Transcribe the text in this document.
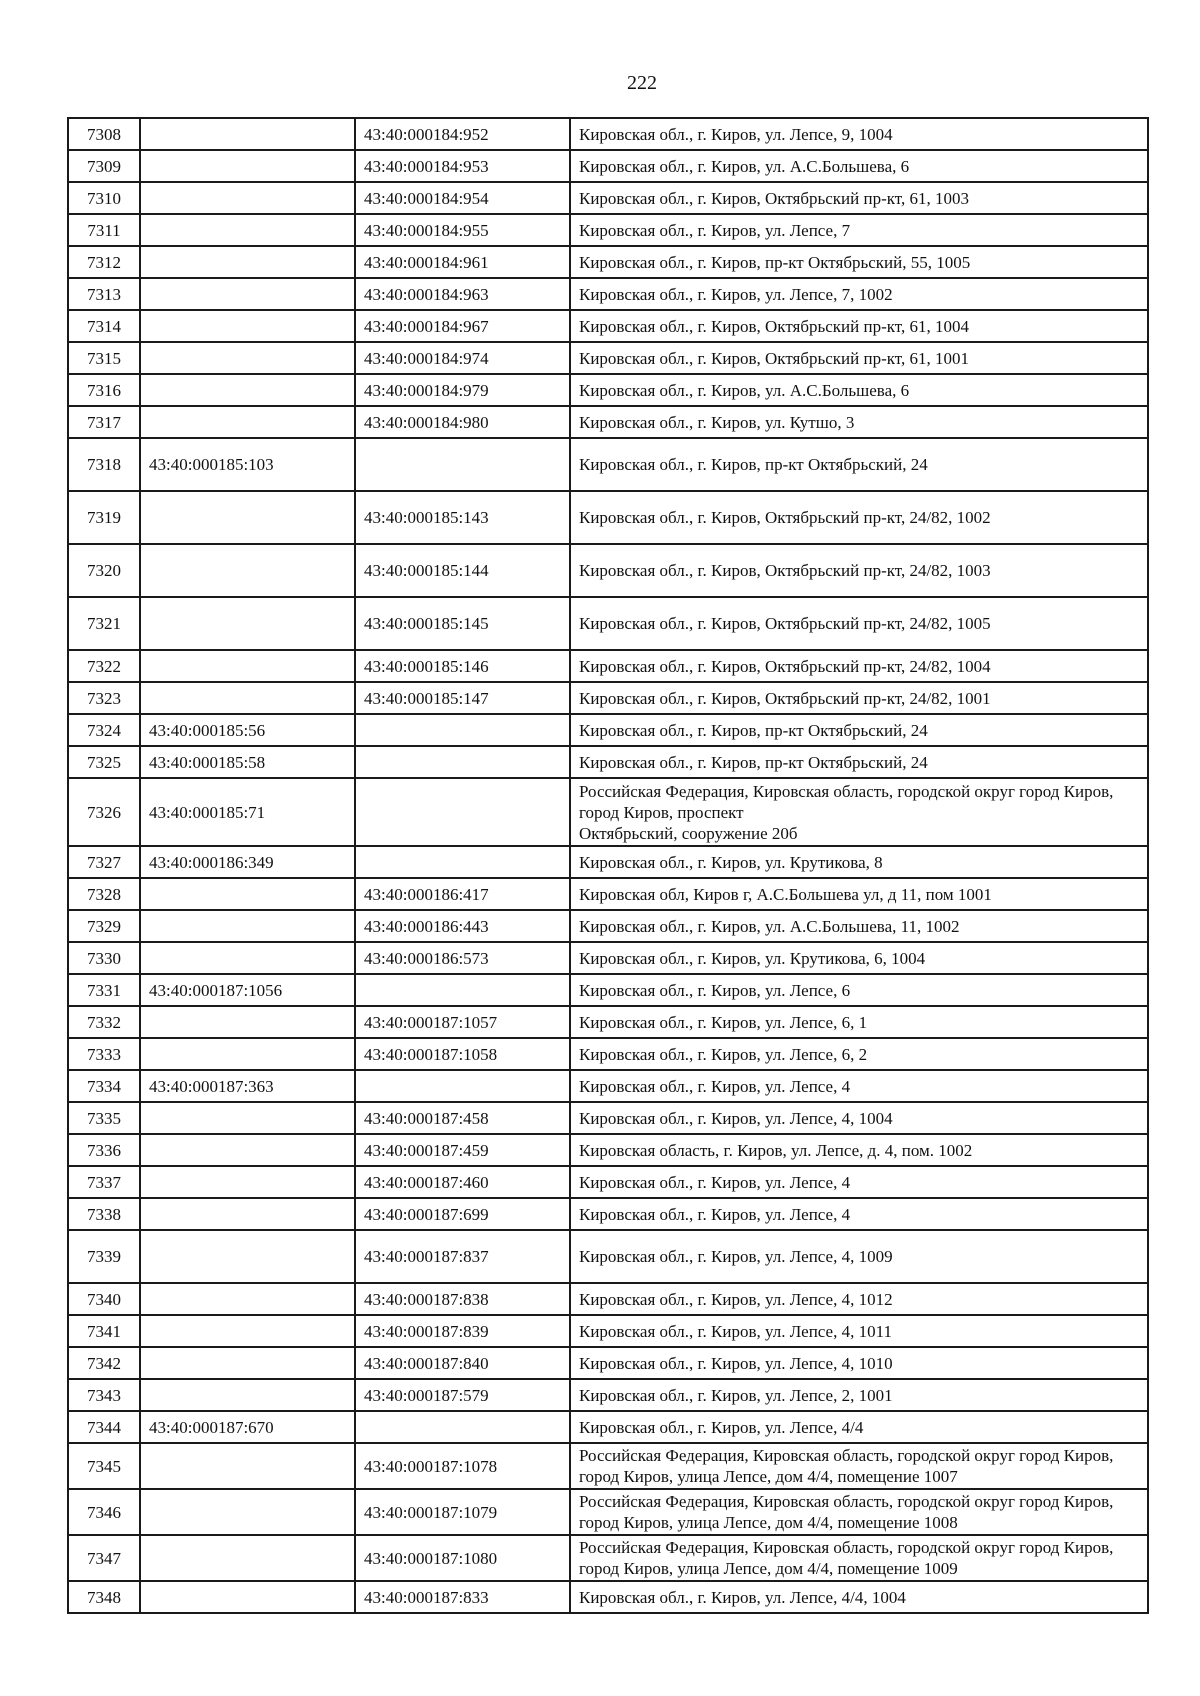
222
7308		43:40:000184:952	Кировская обл., г. Киров, ул. Лепсе, 9, 1004
7309		43:40:000184:953	Кировская обл., г. Киров, ул. А.С.Большева, 6
7310		43:40:000184:954	Кировская обл., г. Киров, Октябрьский пр-кт, 61, 1003
7311		43:40:000184:955	Кировская обл., г. Киров, ул. Лепсе, 7
7312		43:40:000184:961	Кировская обл., г. Киров, пр-кт Октябрьский, 55, 1005
7313		43:40:000184:963	Кировская обл., г. Киров, ул. Лепсе, 7, 1002
7314		43:40:000184:967	Кировская обл., г. Киров, Октябрьский пр-кт, 61, 1004
7315		43:40:000184:974	Кировская обл., г. Киров, Октябрьский пр-кт, 61, 1001
7316		43:40:000184:979	Кировская обл., г. Киров, ул. А.С.Большева, 6
7317		43:40:000184:980	Кировская обл., г. Киров, ул. Кутшо, 3
7318	43:40:000185:103		Кировская обл., г. Киров, пр-кт Октябрьский, 24
7319		43:40:000185:143	Кировская обл., г. Киров, Октябрьский пр-кт, 24/82, 1002
7320		43:40:000185:144	Кировская обл., г. Киров, Октябрьский пр-кт, 24/82, 1003
7321		43:40:000185:145	Кировская обл., г. Киров, Октябрьский пр-кт, 24/82, 1005
7322		43:40:000185:146	Кировская обл., г. Киров, Октябрьский пр-кт, 24/82, 1004
7323		43:40:000185:147	Кировская обл., г. Киров, Октябрьский пр-кт, 24/82, 1001
7324	43:40:000185:56		Кировская обл., г. Киров, пр-кт Октябрьский, 24
7325	43:40:000185:58		Кировская обл., г. Киров, пр-кт Октябрьский, 24
7326	43:40:000185:71		Российская Федерация, Кировская область, городской округ город Киров, город Киров, проспект
Октябрьский, сооружение 20б
7327	43:40:000186:349		Кировская обл., г. Киров, ул. Крутикова, 8
7328		43:40:000186:417	Кировская обл, Киров г, А.С.Большева ул, д 11, пом 1001
7329		43:40:000186:443	Кировская обл., г. Киров, ул. А.С.Большева, 11, 1002
7330		43:40:000186:573	Кировская обл., г. Киров, ул. Крутикова, 6, 1004
7331	43:40:000187:1056		Кировская обл., г. Киров, ул. Лепсе, 6
7332		43:40:000187:1057	Кировская обл., г. Киров, ул. Лепсе, 6, 1
7333		43:40:000187:1058	Кировская обл., г. Киров, ул. Лепсе, 6, 2
7334	43:40:000187:363		Кировская обл., г. Киров, ул. Лепсе, 4
7335		43:40:000187:458	Кировская обл., г. Киров, ул. Лепсе, 4, 1004
7336		43:40:000187:459	Кировская область, г. Киров, ул. Лепсе, д. 4, пом. 1002
7337		43:40:000187:460	Кировская обл., г. Киров, ул. Лепсе, 4
7338		43:40:000187:699	Кировская обл., г. Киров, ул. Лепсе, 4
7339		43:40:000187:837	Кировская обл., г. Киров, ул. Лепсе, 4, 1009
7340		43:40:000187:838	Кировская обл., г. Киров, ул. Лепсе, 4, 1012
7341		43:40:000187:839	Кировская обл., г. Киров, ул. Лепсе, 4, 1011
7342		43:40:000187:840	Кировская обл., г. Киров, ул. Лепсе, 4, 1010
7343		43:40:000187:579	Кировская обл., г. Киров, ул. Лепсе, 2, 1001
7344	43:40:000187:670		Кировская обл., г. Киров, ул. Лепсе, 4/4
7345		43:40:000187:1078	Российская Федерация, Кировская область, городской округ город Киров, город Киров, улица Лепсе, дом 4/4, помещение 1007
7346		43:40:000187:1079	Российская Федерация, Кировская область, городской округ город Киров, город Киров, улица Лепсе, дом 4/4, помещение 1008
7347		43:40:000187:1080	Российская Федерация, Кировская область, городской округ город Киров, город Киров, улица Лепсе, дом 4/4, помещение 1009
7348		43:40:000187:833	Кировская обл., г. Киров, ул. Лепсе, 4/4, 1004
